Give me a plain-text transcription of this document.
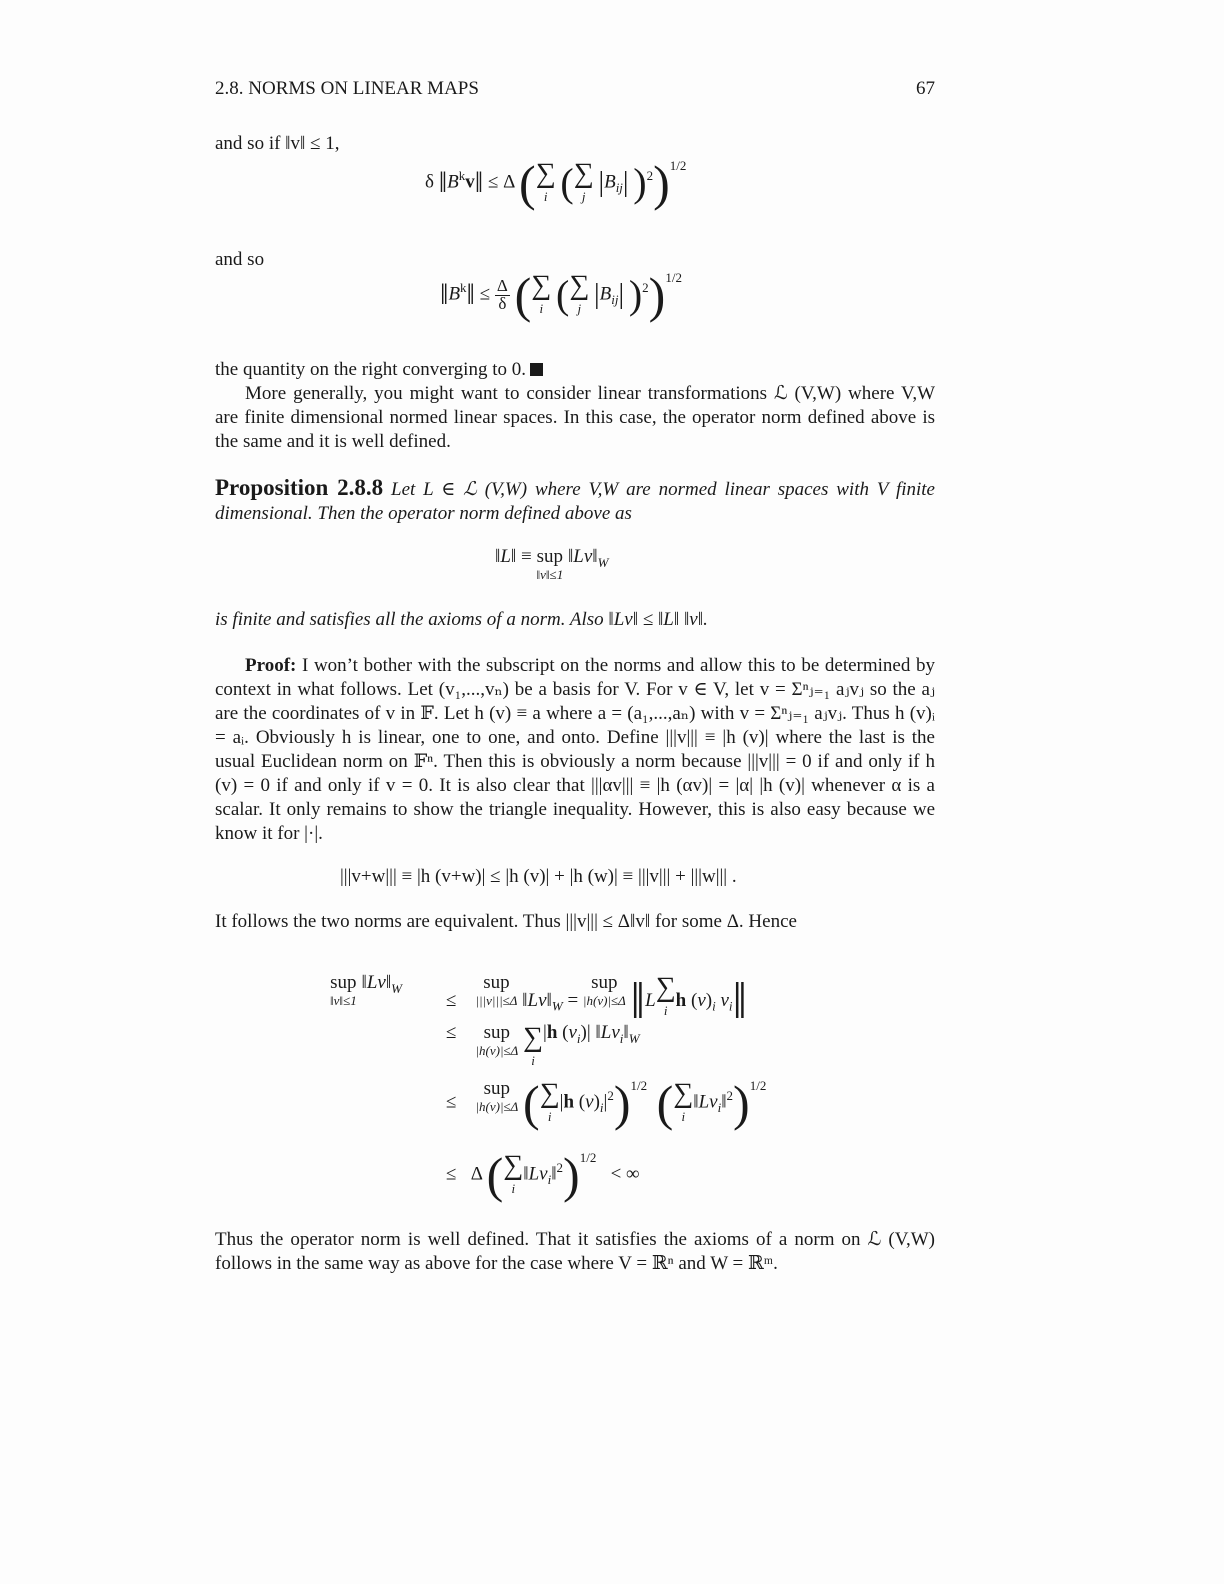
2.8. NORMS ON LINEAR MAPS	67
and so if ‖v‖ ≤ 1,
δ $‖B^kv‖ \le \Delta$ (∑
i (∑
j $|B_{ij}|$ )$^2$)$^{1/2}$
and so
$‖B^k‖ \le \frac{\Delta}{\delta}$ (∑
i (∑
j $|B_{ij}|$ )$^2$)$^{1/2}$
the quantity on the right converging to 0.
More generally, you might want to consider linear transformations ℒ (V,W) where V,W are finite dimensional normed linear spaces. In this case, the operator norm defined above is the same and it is well defined.
Proposition 2.8.8 Let L ∈ ℒ (V,W) where V,W are normed linear spaces with V finite dimensional. Then the operator norm defined above as
‖L‖ ≡ sup
‖v‖≤1
$‖Lv‖_W$
is finite and satisfies all the axioms of a norm. Also ‖Lv‖ ≤ ‖L‖ ‖v‖.
Proof: I won’t bother with the subscript on the norms and allow this to be determined by context in what follows. Let (v₁,...,vₙ) be a basis for V. For v ∈ V, let v = Σⁿⱼ₌₁ aⱼvⱼ so the aⱼ are the coordinates of v in 𝔽. Let h (v) ≡ a where a = (a₁,...,aₙ) with v = Σⁿⱼ₌₁ aⱼvⱼ. Thus h (v)ᵢ = aᵢ. Obviously h is linear, one to one, and onto. Define |||v||| ≡ |h (v)| where the last is the usual Euclidean norm on 𝔽ⁿ. Then this is obviously a norm because |||v||| = 0 if and only if h (v) = 0 if and only if v = 0. It is also clear that |||αv||| ≡ |h (αv)| = |α| |h (v)| whenever α is a scalar. It only remains to show the triangle inequality. However, this is also easy because we know it for |·|.
|||v+w||| ≡ |h (v+w)| ≤ |h (v)| + |h (w)| ≡ |||v||| + |||w||| .
It follows the two norms are equivalent. Thus |||v||| ≤ Δ‖v‖ for some Δ. Hence
sup
‖v‖≤1
$‖Lv‖_W$
≤    sup
|||v|||≤Δ $‖Lv‖_W$ = sup
|h(v)|≤Δ ‖L∑
i h $(v)_i$ $v_i‖$
≤ sup
|h(v)|≤Δ ∑
i
|h $(v_i)|$ $‖Lv_i‖_W$
≤    sup
|h(v)|≤Δ (∑
i
|h $(v)_i|^2)^{1/2}$ (∑
i
$‖Lv_i‖^2)^{1/2}$
≤ Δ (∑
i
$‖Lv_i‖^2)^{1/2}$   < ∞
Thus the operator norm is well defined. That it satisfies the axioms of a norm on ℒ (V,W) follows in the same way as above for the case where V = ℝⁿ and W = ℝᵐ.
